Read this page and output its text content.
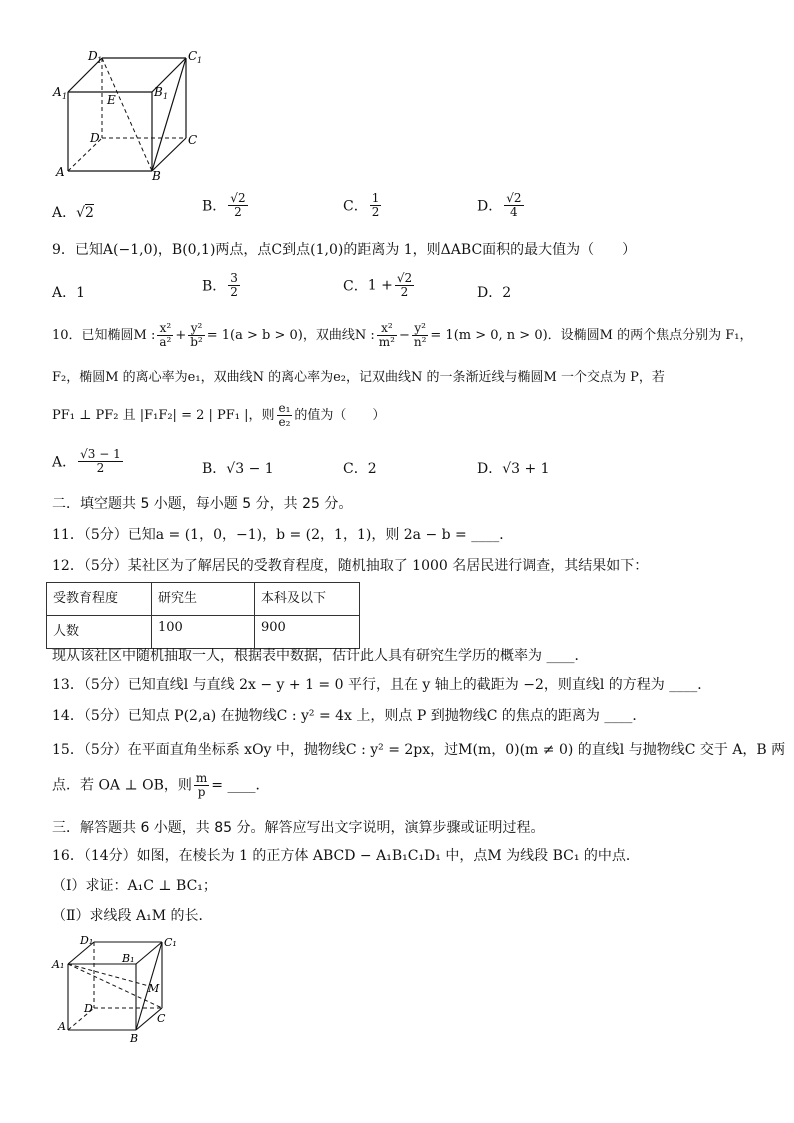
D 1	C 1
A 1	B 1
E
D	C
A	B
A．√2	B． $\frac{√2}{2}$	C． $\frac{1}{2}$	D． $\frac{√2}{4}$
9．已知A(−1,0)，B(0,1)两点，点C到点(1,0)的距离为 1，则ΔABC面积的最大值为（　　）
A．1	B． $\frac{3}{2}$	C．$1 + \frac{√2}{2}$	D．2
10．已知椭圆M : $\frac{\text{x²}}{\text{a²}} + \frac{\text{y²}}{\text{b²}} = 1(a > b > 0)$，双曲线N : $\frac{\text{x²}}{\text{m²}} - \frac{\text{y²}}{\text{n²}} = 1(m > 0$, n > 0)．设椭圆M 的两个焦点分别为 F₁，
F₂，椭圆M 的离心率为e₁，双曲线N 的离心率为e₂，记双曲线N 的一条渐近线与椭圆M 一个交点为 P，若
PF₁ ⊥ PF₂ 且 |F₁F₂| = 2 | PF₁ |，则 $\frac{\text{e₁}}{\text{e₂}}$ 的值为（　　）
A． $\frac{√3 - 1}{2}$	B．√3 − 1	C．2	D．√3 + 1
二．填空题共 5 小题，每小题 5 分，共 25 分。
11．（5分）已知a = (1，0，−1)，b = (2，1，1)，则 2a − b = ____．
12．（5分）某社区为了解居民的受教育程度，随机抽取了 1000 名居民进行调查，其结果如下：
受教育程度	研究生	本科及以下
人数	100	900
现从该社区中随机抽取一人，根据表中数据，估计此人具有研究生学历的概率为 ____．
13．（5分）已知直线l 与直线 2x − y + 1 = 0 平行，且在 y 轴上的截距为 −2，则直线l 的方程为 ____．
14．（5分）已知点 P(2,a) 在抛物线C : y² = 4x 上，则点 P 到抛物线C 的焦点的距离为 ____．
15．（5分）在平面直角坐标系 xOy 中，抛物线C : y² = 2px，过M(m，0)(m ≠ 0) 的直线l 与抛物线C 交于 A，B 两
点．若 OA ⊥ OB，则 $\frac{m}{p}$ = ____．
三．解答题共 6 小题，共 85 分。解答应写出文字说明，演算步骤或证明过程。
16．（14分）如图，在棱长为 1 的正方体 ABCD − A₁B₁C₁D₁ 中，点M 为线段 BC₁ 的中点．
（Ⅰ）求证：A₁C ⊥ BC₁；
（Ⅱ）求线段 A₁M 的长．
D₁	C₁
A₁	B₁
M
D
C
A
B
